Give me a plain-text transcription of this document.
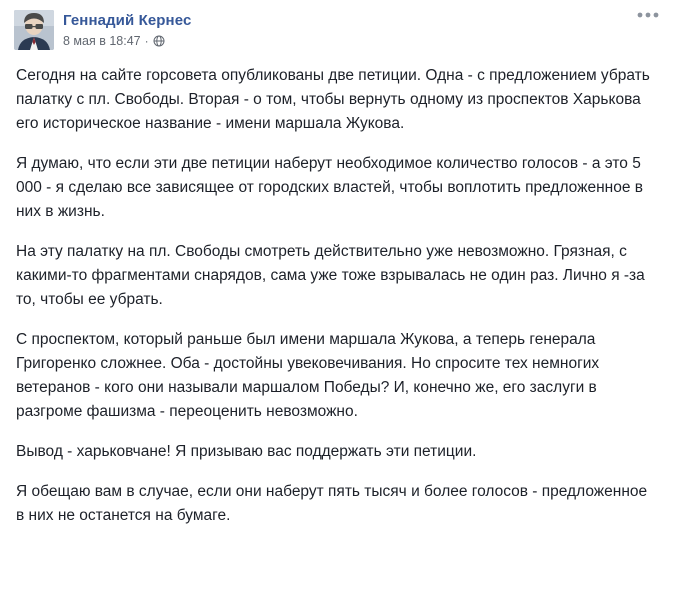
Геннадий Кернес
8 мая в 18:47 ·

Сегодня на сайте горсовета опубликованы две петиции. Одна - с предложением убрать палатку с пл. Свободы. Вторая - о том, чтобы вернуть одному из проспектов Харькова его историческое название - имени маршала Жукова.

Я думаю, что если эти две петиции наберут необходимое количество голосов - а это 5 000 - я сделаю все зависящее от городских властей, чтобы воплотить предложенное в них в жизнь.

На эту палатку на пл. Свободы смотреть действительно уже невозможно. Грязная, с какими-то фрагментами снарядов, сама уже тоже взрывалась не один раз. Лично я -за то, чтобы ее убрать.

С проспектом, который раньше был имени маршала Жукова, а теперь генерала Григоренко сложнее. Оба - достойны увековечивания. Но спросите тех немногих ветеранов - кого они называли маршалом Победы? И, конечно же, его заслуги в разгроме фашизма - переоценить невозможно.

Вывод - харьковчане! Я призываю вас поддержать эти петиции.

Я обещаю вам в случае, если они наберут пять тысяч и более голосов - предложенное в них не останется на бумаге.
